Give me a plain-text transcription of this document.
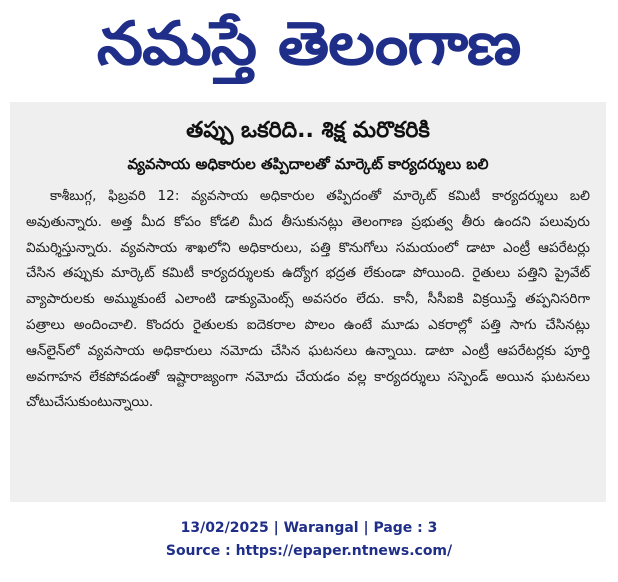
నమస్తే తెలంగాణ
తప్పు ఒకరిది.. శిక్ష మరొకరికి
వ్యవసాయ అధికారుల తప్పిదాలతో మార్కెట్ కార్యదర్శులు బలి

కాశీబుగ్గ, ఫిబ్రవరి 12: వ్యవసాయ అధికారుల తప్పిదంతో మార్కెట్ కమిటీ కార్యదర్శులు బలి అవుతున్నారు. అత్త మీద కోపం కోడలి మీద తీసుకునట్లు తెలంగాణ ప్రభుత్వ తీరు ఉందని పలువురు విమర్శిస్తున్నారు. వ్యవసాయ శాఖలోని అధికారులు, పత్తి కొనుగోలు సమయంలో డాటా ఎంట్రీ ఆపరేటర్లు చేసిన తప్పుకు మార్కెట్ కమిటీ కార్యదర్శులకు ఉద్యోగ భద్రత లేకుండా పోయింది. రైతులు పత్తిని ప్రైవేట్ వ్యాపారులకు అమ్ముకుంటే ఎలాంటి డాక్యుమెంట్స్ అవసరం లేదు. కానీ, సీసీఐకి విక్రయిస్తే తప్పనిసరిగా పత్రాలు అందించాలి. కొందరు రైతులకు ఐదెకరాల పొలం ఉంటే మూడు ఎకరాల్లో పత్తి సాగు చేసినట్లు ఆన్‌లైన్‌లో వ్యవసాయ అధికారులు నమోదు చేసిన ఘటనలు ఉన్నాయి. డాటా ఎంట్రీ ఆపరేటర్లకు పూర్తి అవగాహన లేకపోవడంతో ఇష్టారాజ్యంగా నమోదు చేయడం వల్ల కార్యదర్శులు సస్పెండ్ అయిన ఘటనలు చోటుచేసుకుంటున్నాయి.

13/02/2025 | Warangal | Page : 3
Source : https://epaper.ntnews.com/
